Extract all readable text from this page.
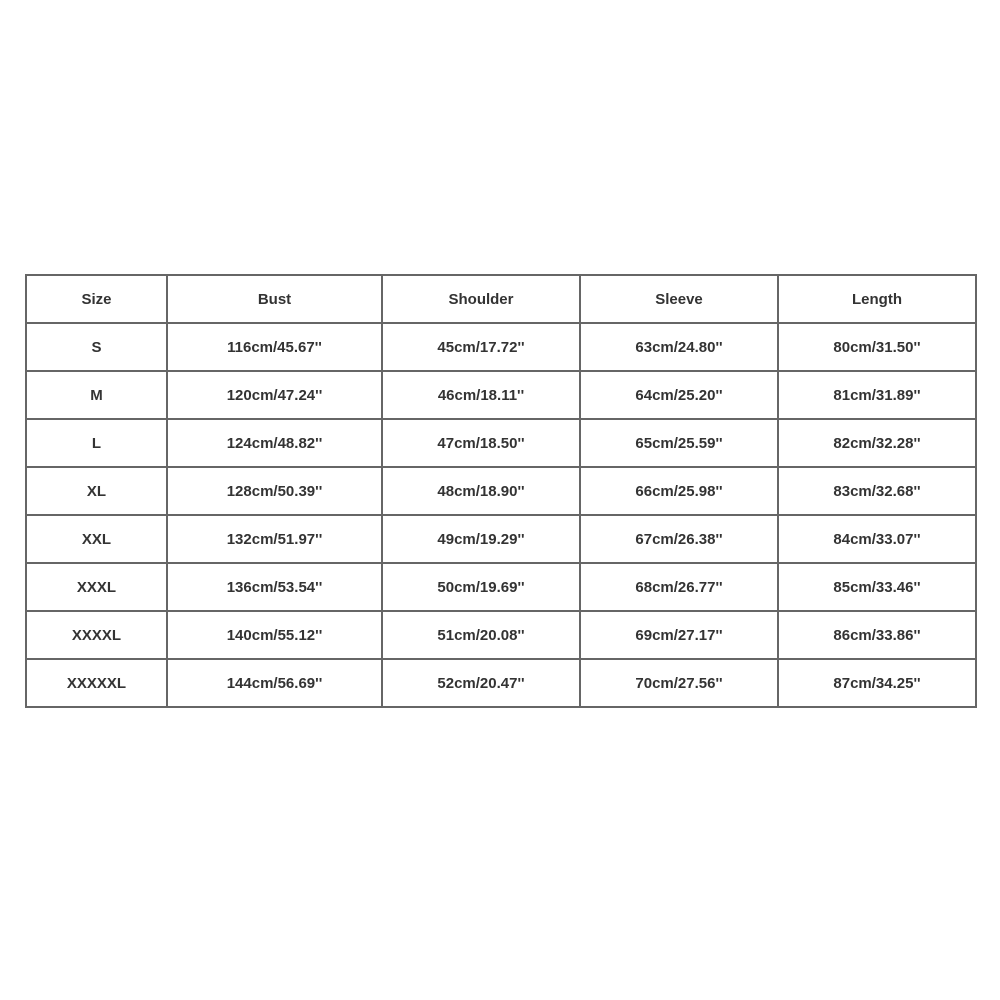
Size	Bust	Shoulder	Sleeve	Length
S	116cm/45.67''	45cm/17.72''	63cm/24.80''	80cm/31.50''
M	120cm/47.24''	46cm/18.11''	64cm/25.20''	81cm/31.89''
L	124cm/48.82''	47cm/18.50''	65cm/25.59''	82cm/32.28''
XL	128cm/50.39''	48cm/18.90''	66cm/25.98''	83cm/32.68''
XXL	132cm/51.97''	49cm/19.29''	67cm/26.38''	84cm/33.07''
XXXL	136cm/53.54''	50cm/19.69''	68cm/26.77''	85cm/33.46''
XXXXL	140cm/55.12''	51cm/20.08''	69cm/27.17''	86cm/33.86''
XXXXXL	144cm/56.69''	52cm/20.47''	70cm/27.56''	87cm/34.25''
